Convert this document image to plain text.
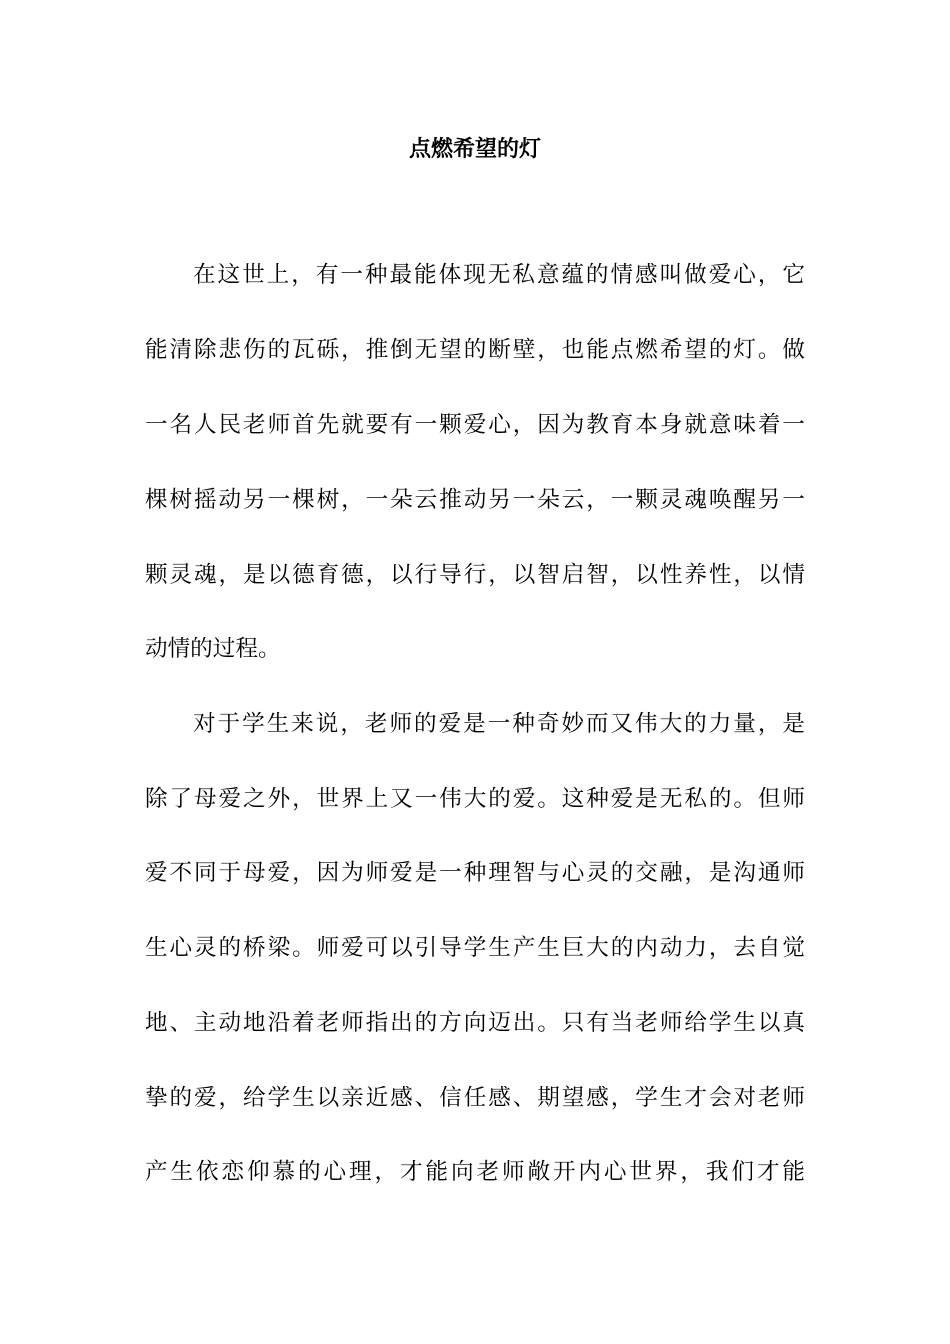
点燃希望的灯

在这世上，有一种最能体现无私意蕴的情感叫做爱心，它

能清除悲伤的瓦砾，推倒无望的断壁，也能点燃希望的灯。做

一名人民老师首先就要有一颗爱心，因为教育本身就意味着一

棵树摇动另一棵树，一朵云推动另一朵云，一颗灵魂唤醒另一

颗灵魂，是以德育德，以行导行，以智启智，以性养性，以情

动情的过程。

对于学生来说，老师的爱是一种奇妙而又伟大的力量，是

除了母爱之外，世界上又一伟大的爱。这种爱是无私的。但师

爱不同于母爱，因为师爱是一种理智与心灵的交融，是沟通师

生心灵的桥梁。师爱可以引导学生产生巨大的内动力，去自觉

地、主动地沿着老师指出的方向迈出。只有当老师给学生以真

挚的爱，给学生以亲近感、信任感、期望感，学生才会对老师

产生依恋仰慕的心理，才能向老师敞开内心世界，我们才能
